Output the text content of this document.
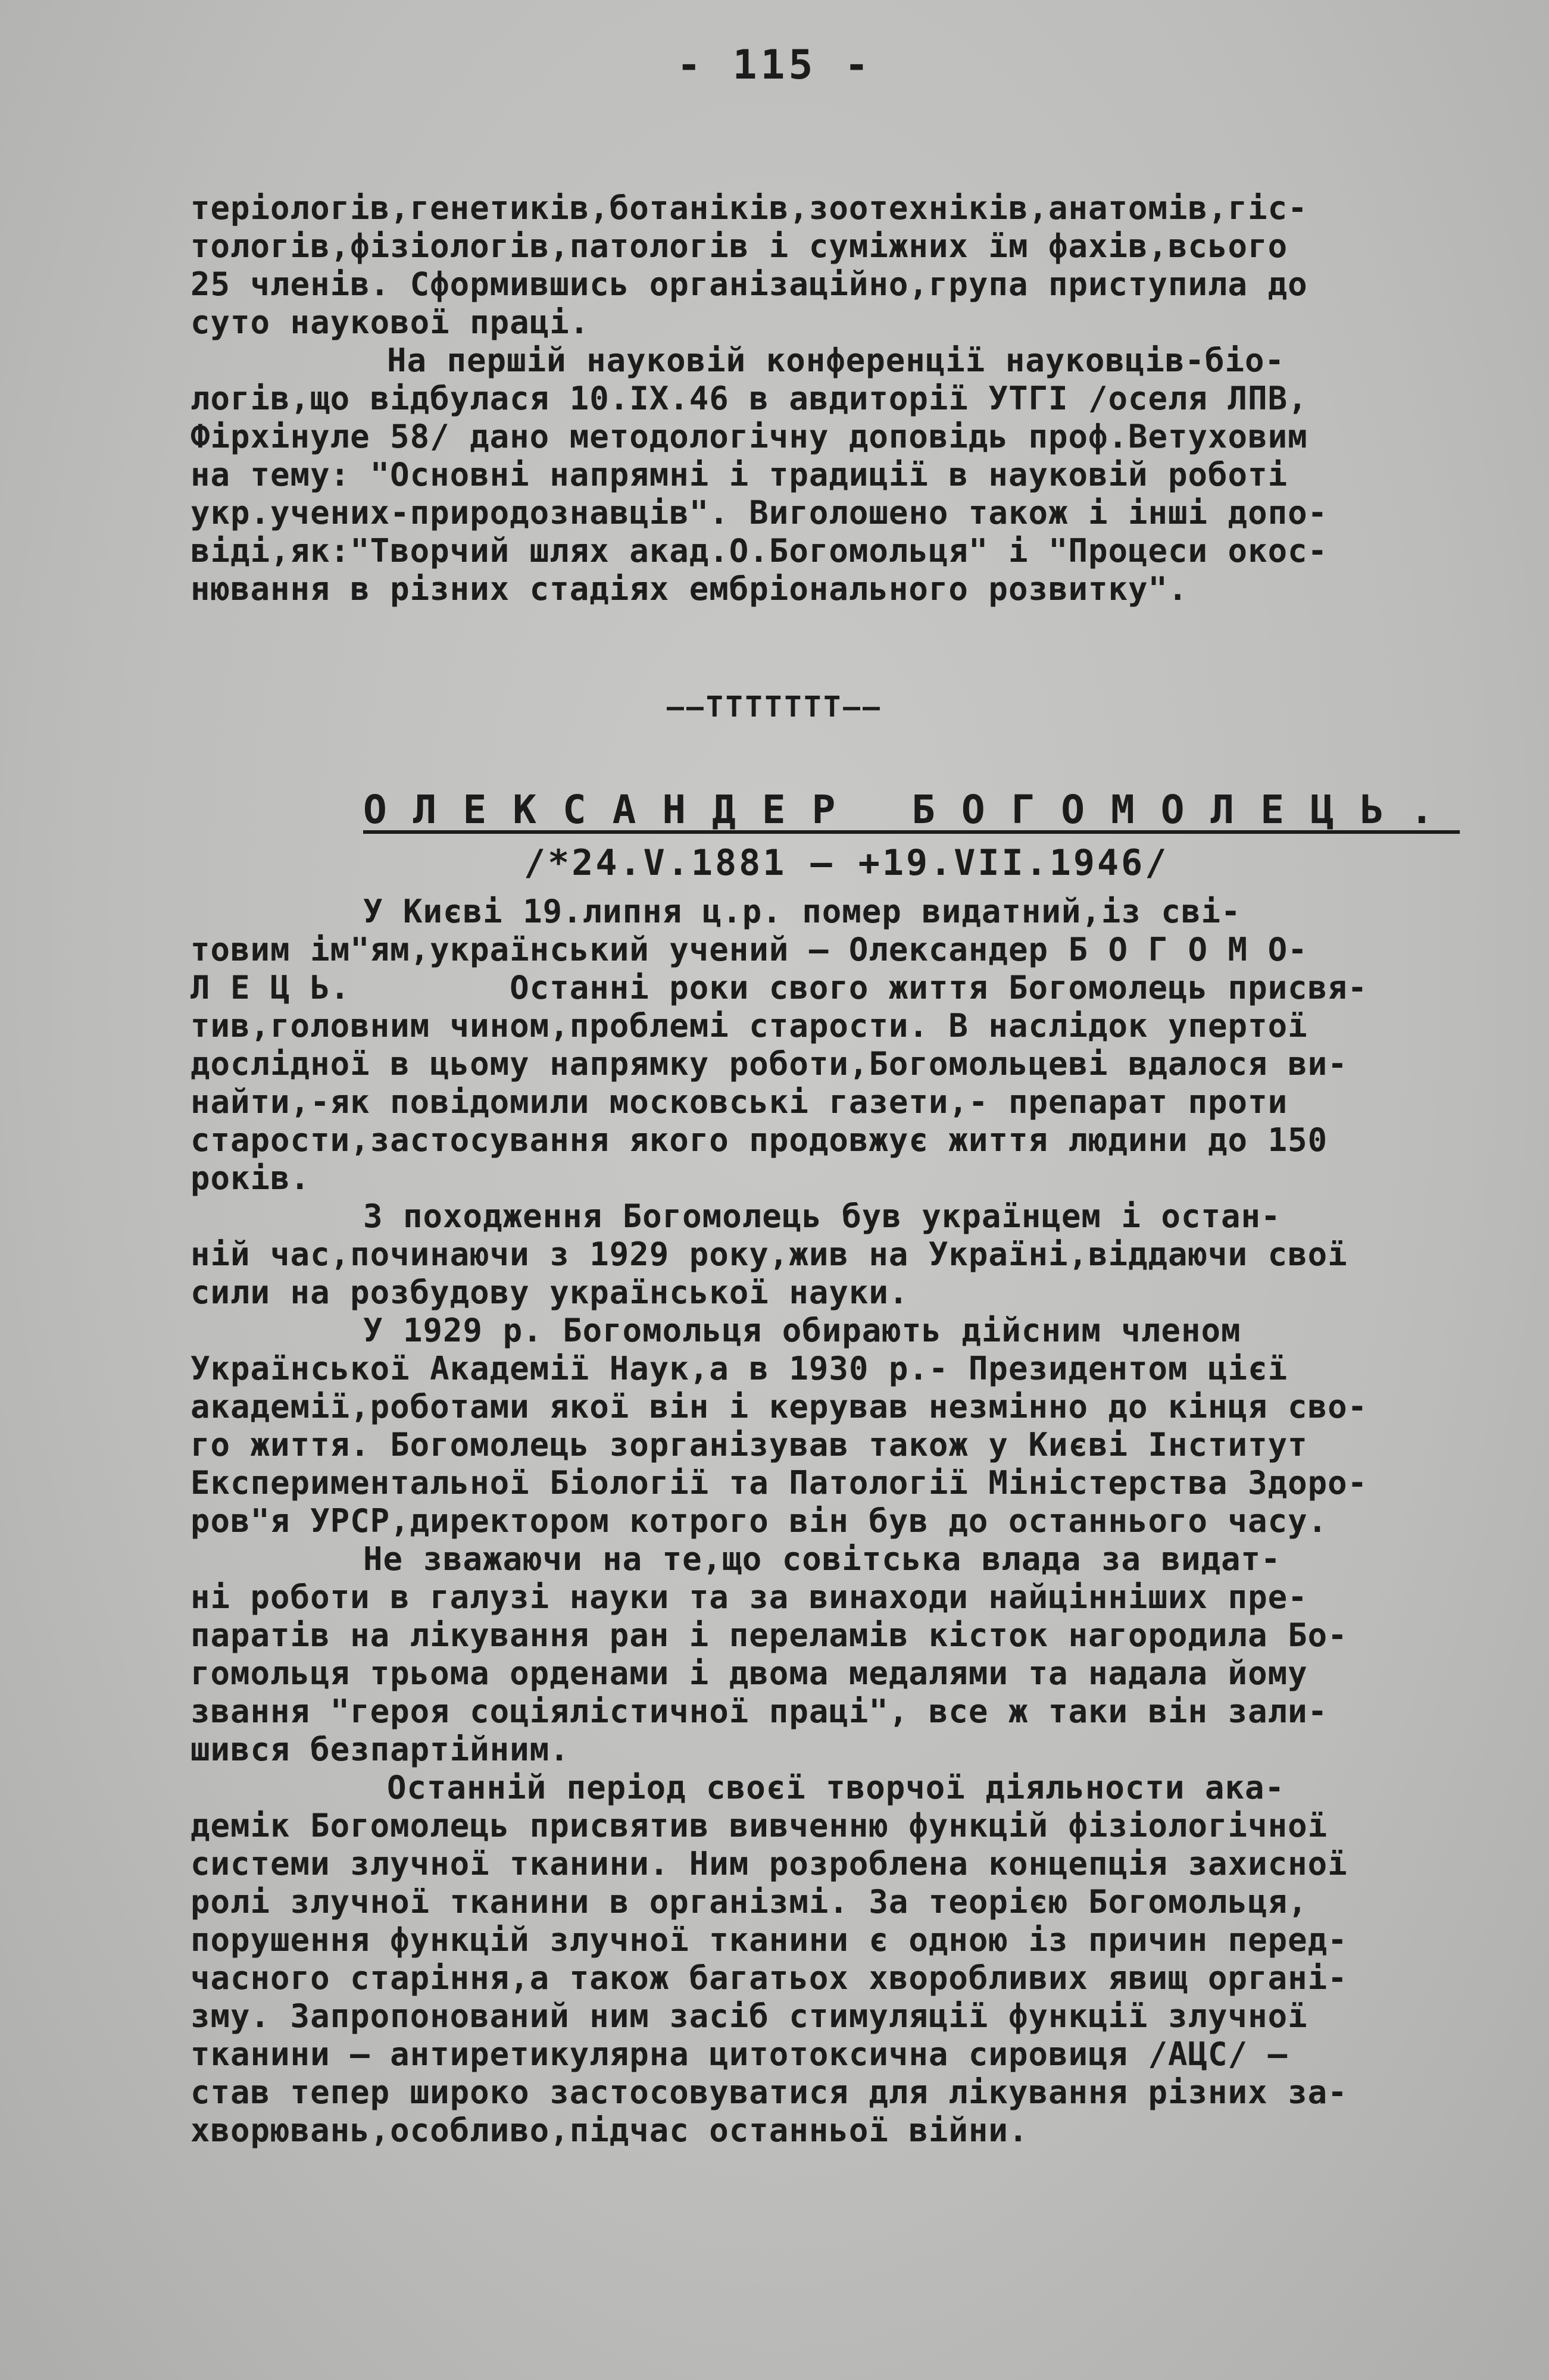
- 115 -
теріологів,генетиків,ботаніків,зоотехніків,анатомів,гіс-
тологів,фізіологів,патологів і суміжних їм фахів,всього
25 членів. Сформившись організаційно,група приступила до
суто наукової праці.
На першій науковій конференції науковців-біо-
логів,що відбулася 10.IX.46 в авдиторії УТГІ /оселя ЛПВ,
Фірхінуле 58/ дано методологічну доповідь проф.Ветуховим
на тему: "Основні напрямні і традиції в науковій роботі
укр.учених-природознавців". Виголошено також і інші допо-
віді,як:"Творчий шлях акад.О.Богомольця" і "Процеси окос-
нювання в різних стадіях ембріонального розвитку".
——ТТТТТТТ——
ОЛЕКСАНДЕР БОГОМОЛЕЦЬ.
/*24.V.1881 – +19.VII.1946/
У Києві 19.липня ц.р. помер видатний,із сві-
товим ім"ям,український учений – Олександер Б О Г О М О-
Л Е Ц Ь.        Останні роки свого життя Богомолець присвя-
тив,головним чином,проблемі старости. В наслідок упертої
дослідної в цьому напрямку роботи,Богомольцеві вдалося ви-
найти,-як повідомили московські газети,- препарат проти
старости,застосування якого продовжує життя людини до 150
років.
З походження Богомолець був українцем і остан-
ній час,починаючи з 1929 року,жив на Україні,віддаючи свої
сили на розбудову української науки.
У 1929 р. Богомольця обирають дійсним членом
Української Академії Наук,а в 1930 р.- Президентом цієї
академії,роботами якої він і керував незмінно до кінця сво-
го життя. Богомолець зорганізував також у Києві Інститут
Експериментальної Біології та Патології Міністерства Здоро-
ров"я УРСР,директором котрого він був до останнього часу.
Не зважаючи на те,що совітська влада за видат-
ні роботи в галузі науки та за винаходи найцінніших пре-
паратів на лікування ран і переламів кісток нагородила Бо-
гомольця трьома орденами і двома медалями та надала йому
звання "героя соціялістичної праці", все ж таки він зали-
шився безпартійним.
Останній період своєї творчої діяльности ака-
демік Богомолець присвятив вивченню функцій фізіологічної
системи злучної тканини. Ним розроблена концепція захисної
ролі злучної тканини в організмі. За теорією Богомольця,
порушення функцій злучної тканини є одною із причин перед-
часного старіння,а також багатьох хворобливих явищ органі-
зму. Запропонований ним засіб стимуляції функції злучної
тканини – антиретикулярна цитотоксична сировиця /АЦС/ –
став тепер широко застосовуватися для лікування різних за-
хворювань,особливо,підчас останньої війни.
